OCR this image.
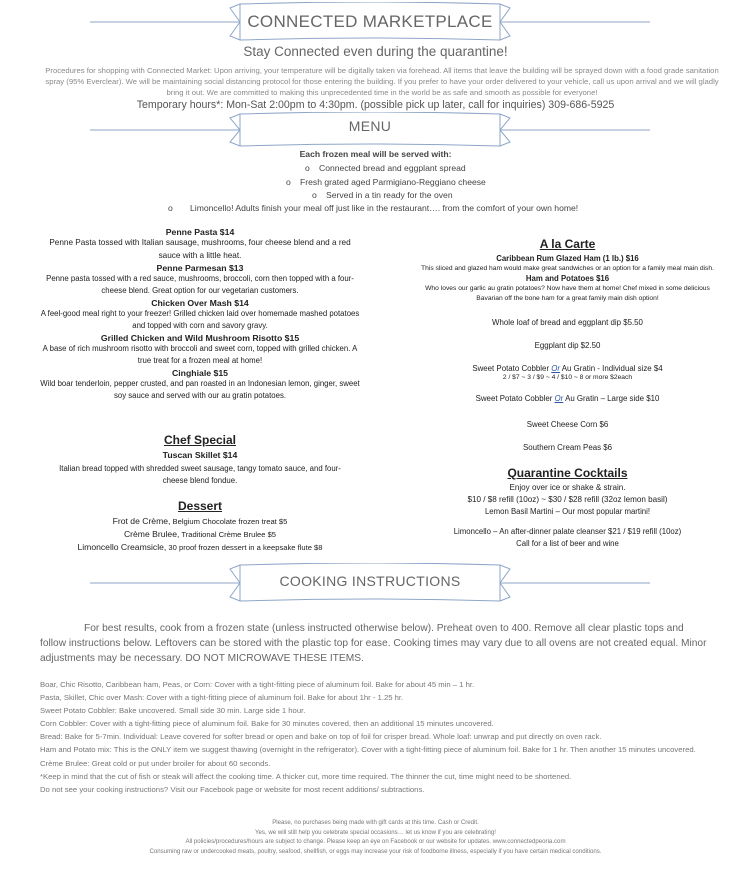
CONNECTED MARKETPLACE
Stay Connected even during the quarantine!
Procedures for shopping with Connected Market: Upon arriving, your temperature will be digitally taken via forehead. All items that leave the building will be sprayed down with a food grade sanitation spray (95% Everclear). We will be maintaining social distancing protocol for those entering the building. If you prefer to have your order delivered to your vehicle, call us upon arrival and we will gladly bring it out. We are committed to making this unprecedented time in the world be as safe and smooth as possible for everyone!
Temporary hours*: Mon-Sat 2:00pm to 4:30pm. (possible pick up later, call for inquiries) 309-686-5925
MENU
Each frozen meal will be served with:
o Connected bread and eggplant spread
o Fresh grated aged Parmigiano-Reggiano cheese
o Served in a tin ready for the oven
o Limoncello! Adults finish your meal off just like in the restaurant…. from the comfort of your own home!
Penne Pasta $14
Penne Pasta tossed with Italian sausage, mushrooms, four cheese blend and a red sauce with a little heat.
Penne Parmesan $13
Penne pasta tossed with a red sauce, mushrooms, broccoli, corn then topped with a four-cheese blend. Great option for our vegetarian customers.
Chicken Over Mash $14
A feel-good meal right to your freezer! Grilled chicken laid over homemade mashed potatoes and topped with corn and savory gravy.
Grilled Chicken and Wild Mushroom Risotto $15
A base of rich mushroom risotto with broccoli and sweet corn, topped with grilled chicken. A true treat for a frozen meal at home!
Cinghiale $15
Wild boar tenderloin, pepper crusted, and pan roasted in an Indonesian lemon, ginger, sweet soy sauce and served with our au gratin potatoes.
Chef Special
Tuscan Skillet $14
Italian bread topped with shredded sweet sausage, tangy tomato sauce, and four-cheese blend fondue.
Dessert
Frot de Crème, Belgium Chocolate frozen treat $5
Crème Brulee, Traditional Crème Brulee $5
Limoncello Creamsicle, 30 proof frozen dessert in a keepsake flute $8
A la Carte
Caribbean Rum Glazed Ham (1 lb.) $16
This sliced and glazed ham would make great sandwiches or an option for a family meal main dish.
Ham and Potatoes $16
Who loves our garlic au gratin potatoes? Now have them at home! Chef mixed in some delicious Bavarian off the bone ham for a great family main dish option!
Whole loaf of bread and eggplant dip $5.50
Eggplant dip $2.50
Sweet Potato Cobbler Or Au Gratin - Individual size $4
2 / $7 ~ 3 / $9 ~ 4 / $10 ~ 8 or more $2each
Sweet Potato Cobbler Or Au Gratin – Large side $10
Sweet Cheese Corn $6
Southern Cream Peas $6
Quarantine Cocktails
Enjoy over ice or shake & strain.
$10 / $8 refill (10oz) ~ $30 / $28 refill (32oz lemon basil)
Lemon Basil Martini – Our most popular martini!
Limoncello – An after-dinner palate cleanser $21 / $19 refill (10oz)
Call for a list of beer and wine
COOKING INSTRUCTIONS
For best results, cook from a frozen state (unless instructed otherwise below). Preheat oven to 400. Remove all clear plastic tops and follow instructions below. Leftovers can be stored with the plastic top for ease. Cooking times may vary due to all ovens are not created equal. Minor adjustments may be necessary. DO NOT MICROWAVE THESE ITEMS.
Boar, Chic Risotto, Caribbean ham, Peas, or Corn: Cover with a tight-fitting piece of aluminum foil. Bake for about 45 min – 1 hr.
Pasta, Skillet, Chic over Mash: Cover with a tight-fitting piece of aluminum foil. Bake for about 1hr - 1.25 hr.
Sweet Potato Cobbler: Bake uncovered. Small side 30 min. Large side 1 hour.
Corn Cobbler: Cover with a tight-fitting piece of aluminum foil. Bake for 30 minutes covered, then an additional 15 minutes uncovered.
Bread: Bake for 5-7min. Individual: Leave covered for softer bread or open and bake on top of foil for crisper bread. Whole loaf: unwrap and put directly on oven rack.
Ham and Potato mix: This is the ONLY item we suggest thawing (overnight in the refrigerator). Cover with a tight-fitting piece of aluminum foil. Bake for 1 hr. Then another 15 minutes uncovered.
Crème Brulee: Great cold or put under broiler for about 60 seconds.
*Keep in mind that the cut of fish or steak will affect the cooking time. A thicker cut, more time required. The thinner the cut, time might need to be shortened.
Do not see your cooking instructions? Visit our Facebook page or website for most recent additions/ subtractions.
Please, no purchases being made with gift cards at this time. Cash or Credit.
Yes, we will still help you celebrate special occasions… let us know if you are celebrating!
All policies/procedures/hours are subject to change. Please keep an eye on Facebook or our website for updates. www.connectedpeoria.com
Consuming raw or undercooked meats, poultry, seafood, shellfish, or eggs may increase your risk of foodborne illness, especially if you have certain medical conditions.
